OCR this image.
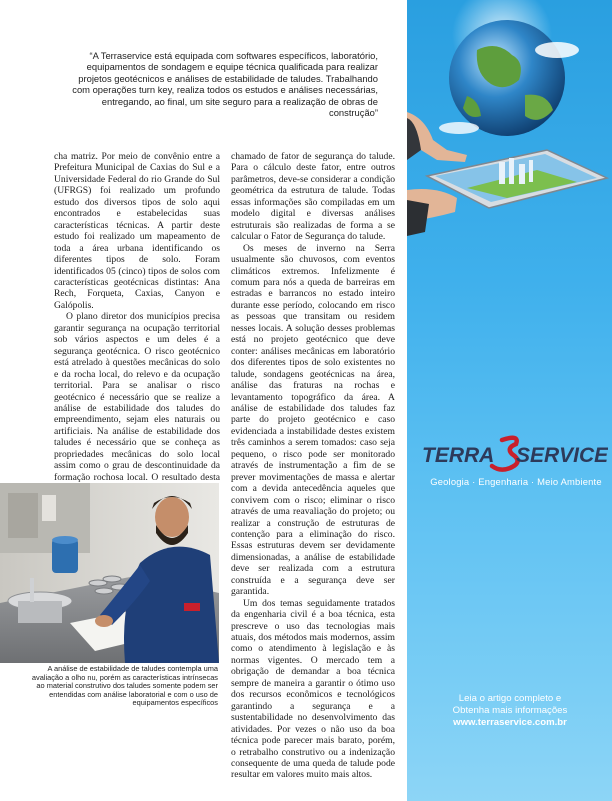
“A Terraservice está equipada com softwares específicos, laboratório, equipamentos de sondagem e equipe técnica qualificada para realizar projetos geotécnicos e análises de estabilidade de taludes. Trabalhando com operações turn key, realiza todos os estudos e análises necessárias, entregando, ao final, um site seguro para a realização de obras de construção”

cha matriz. Por meio de convênio entre a Prefeitura Municipal de Caxias do Sul e a Universidade Federal do rio Grande do Sul (UFRGS) foi realizado um profundo estudo dos diversos tipos de solo aqui encontrados e estabelecidas suas características técnicas. A partir deste estudo foi realizado um mapeamento de toda a área urbana identificando os diferentes tipos de solo. Foram identificados 05 (cinco) tipos de solos com características geotécnicas distintas: Ana Rech, Forqueta, Caxias, Canyon e Galópolis.

O plano diretor dos municípios precisa garantir segurança na ocupação territorial sob vários aspectos e um deles é a segurança geotécnica. O risco geotécnico está atrelado à questões mecânicas do solo e da rocha local, do relevo e da ocupação territorial. Para se analisar o risco geotécnico é necessário que se realize a análise de estabilidade dos taludes do empreendimento, sejam eles naturais ou artificiais. Na análise de estabilidade dos taludes é necessário que se conheça as propriedades mecânicas do solo local assim como o grau de descontinuidade da formação rochosa local. O resultado desta

chamado de fator de segurança do talude. Para o cálculo deste fator, entre outros parâmetros, deve-se considerar a condição geométrica da estrutura de talude. Todas essas informações são compiladas em um modelo digital e diversas análises estruturais são realizadas de forma a se calcular o Fator de Segurança do talude.

Os meses de inverno na Serra usualmente são chuvosos, com eventos climáticos extremos. Infelizmente é comum para nós a queda de barreiras em estradas e barrancos no estado inteiro durante esse período, colocando em risco as pessoas que transitam ou residem nesses locais. A solução desses problemas está no projeto geotécnico que deve conter: análises mecânicas em laboratório dos diferentes tipos de solo existentes no talude, sondagens geotécnicas na área, análise das fraturas na rochas e levantamento topográfico da área. A análise de estabilidade dos taludes faz parte do projeto geotécnico e caso evidenciada a instabilidade destes existem três caminhos a serem tomados: caso seja pequeno, o risco pode ser monitorado através de instrumentação a fim de se prever movimentações de massa e alertar com a devida antecedência aqueles que convivem com o risco; eliminar o risco através de uma reavaliação do projeto; ou realizar a construção de estruturas de contenção para a eliminação do risco. Essas estruturas devem ser devidamente dimensionadas, a análise de estabilidade deve ser realizada com a estrutura construída e a segurança deve ser garantida.

Um dos temas seguidamente tratados da engenharia civil é a boa técnica, esta prescreve o uso das tecnologias mais atuais, dos métodos mais modernos, assim como o atendimento à legislação e às normas vigentes. O mercado tem a obrigação de demandar a boa técnica sempre de maneira a garantir o ótimo uso dos recursos econômicos e tecnológicos garantindo a segurança e a sustentabilidade no desenvolvimento das atividades. Por vezes o não uso da boa técnica pode parecer mais barato, porém, o retrabalho construtivo ou a indenização consequente de uma queda de talude pode resultar em valores muito mais altos.

A análise de estabilidade de taludes contempla uma avaliação a olho nu, porém as características intrínsecas ao material construtivo dos taludes somente podem ser entendidas com análise laboratorial e com o uso de equipamentos específicos
TERRA SERVICE
Geologia · Engenharia · Meio Ambiente
Leia o artigo completo e
Obtenha mais informações
www.terraservice.com.br
